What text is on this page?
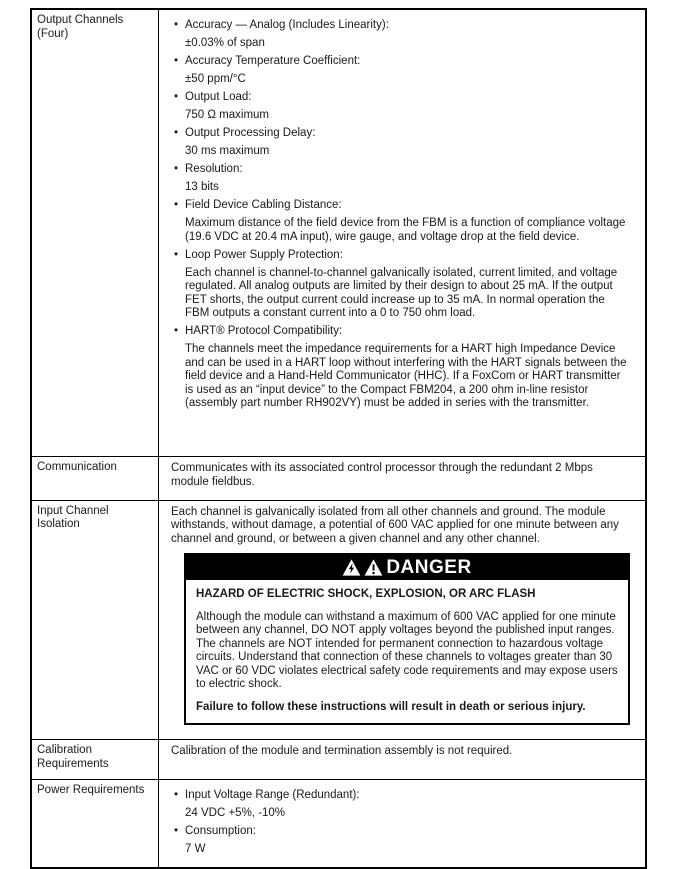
Output Channels
(Four)
• Accuracy — Analog (Includes Linearity):

±0.03% of span

• Accuracy Temperature Coefficient:

±50 ppm/°C

• Output Load:

750 Ω maximum

• Output Processing Delay:

30 ms maximum

• Resolution:

13 bits

• Field Device Cabling Distance:

Maximum distance of the field device from the FBM is a function of compliance voltage (19.6 VDC at 20.4 mA input), wire gauge, and voltage drop at the field device.

• Loop Power Supply Protection:

Each channel is channel-to-channel galvanically isolated, current limited, and voltage regulated. All analog outputs are limited by their design to about 25 mA. If the output FET shorts, the output current could increase up to 35 mA. In normal operation the FBM outputs a constant current into a 0 to 750 ohm load.

• HART® Protocol Compatibility:

The channels meet the impedance requirements for a HART high Impedance Device and can be used in a HART loop without interfering with the HART signals between the field device and a Hand-Held Communicator (HHC). If a FoxCom or HART transmitter is used as an “input device” to the Compact FBM204, a 200 ohm in-line resistor (assembly part number RH902VY) must be added in series with the transmitter.

Communication	Communicates with its associated control processor through the redundant 2 Mbps module fieldbus.

Input Channel Isolation

Each channel is galvanically isolated from all other channels and ground. The module withstands, without damage, a potential of 600 VAC applied for one minute between any channel and ground, or between a given channel and any other channel.

DANGER

HAZARD OF ELECTRIC SHOCK, EXPLOSION, OR ARC FLASH

Although the module can withstand a maximum of 600 VAC applied for one minute between any channel, DO NOT apply voltages beyond the published input ranges. The channels are NOT intended for permanent connection to hazardous voltage circuits. Understand that connection of these channels to voltages greater than 30 VAC or 60 VDC violates electrical safety code requirements and may expose users to electric shock.

Failure to follow these instructions will result in death or serious injury.

Calibration
Requirements

Calibration of the module and termination assembly is not required.

Power Requirements	• Input Voltage Range (Redundant):

24 VDC +5%, -10%

• Consumption:

7 W
